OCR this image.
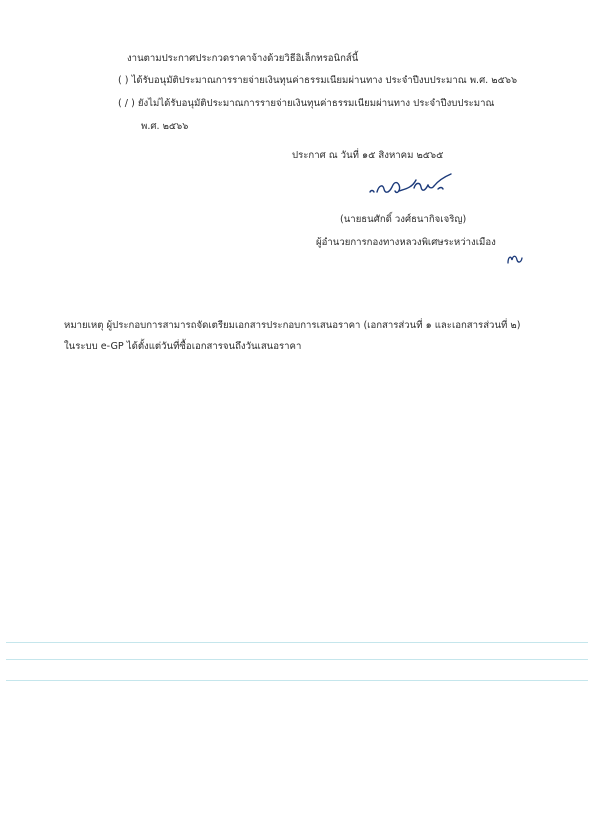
งานตามประกาศประกวดราคาจ้างด้วยวิธีอิเล็กทรอนิกส์นี้
( ) ได้รับอนุมัติประมาณการรายจ่ายเงินทุนค่าธรรมเนียมผ่านทาง ประจำปีงบประมาณ พ.ศ. ๒๕๖๖
( / ) ยังไม่ได้รับอนุมัติประมาณการรายจ่ายเงินทุนค่าธรรมเนียมผ่านทาง ประจำปีงบประมาณ
พ.ศ. ๒๕๖๖
ประกาศ ณ วันที่ ๑๕ สิงหาคม ๒๕๖๕
(นายธนศักดิ์ วงศ์ธนากิจเจริญ)
ผู้อำนวยการกองทางหลวงพิเศษระหว่างเมือง
หมายเหตุ ผู้ประกอบการสามารถจัดเตรียมเอกสารประกอบการเสนอราคา (เอกสารส่วนที่ ๑ และเอกสารส่วนที่ ๒)
ในระบบ e-GP ได้ตั้งแต่วันที่ซื้อเอกสารจนถึงวันเสนอราคา
